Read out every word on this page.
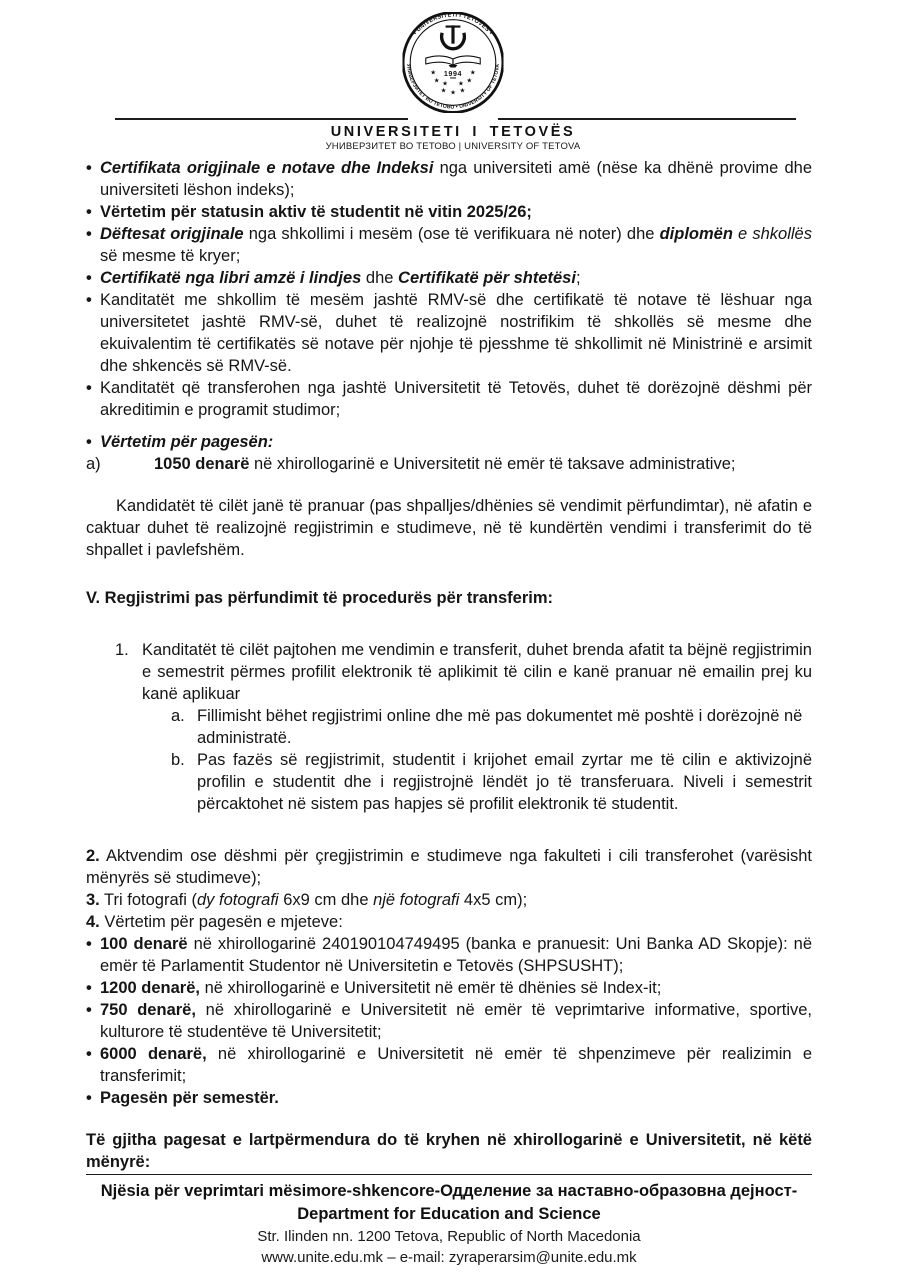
• UNIVERSITETI I TETOVËS •
УНИВЕРЗИТЕТ ВО ТЕТОВО • UNIVERSITY OF TETOVA
1994
★	★
★ ★ ★ ★
★ ★ ★
UNIVERSITETI I TETOVËS
УНИВЕРЗИТЕТ ВО ТЕТОВО | UNIVERSITY OF TETOVA
• Certifikata origjinale e notave dhe Indeksi nga universiteti amë (nëse ka dhënë provime dhe universiteti lëshon indeks);
• Vërtetim për statusin aktiv të studentit në vitin 2025/26;
• Dëftesat origjinale nga shkollimi i mesëm (ose të verifikuara në noter) dhe diplomën e shkollës së mesme të kryer;
• Certifikatë nga libri amzë i lindjes dhe Certifikatë për shtetësi;
• Kanditatët me shkollim të mesëm jashtë RMV-së dhe certifikatë të notave të lëshuar nga universitetet jashtë RMV-së, duhet të realizojnë nostrifikim të shkollës së mesme dhe ekuivalentim të certifikatës së notave për njohje të pjesshme të shkollimit në Ministrinë e arsimit dhe shkencës së RMV-së.
• Kanditatët që transferohen nga jashtë Universitetit të Tetovës, duhet të dorëzojnë dëshmi për akreditimin e programit studimor;
• Vërtetim për pagesën:
a)	1050 denarë në xhirollogarinë e Universitetit në emër të taksave administrative;
Kandidatët të cilët janë të pranuar (pas shpalljes/dhënies së vendimit përfundimtar), në afatin e caktuar duhet të realizojnë regjistrimin e studimeve, në të kundërtën vendimi i transferimit do të shpallet i pavlefshëm.
V. Regjistrimi pas përfundimit të procedurës për transferim:
1. Kanditatët të cilët pajtohen me vendimin e transferit, duhet brenda afatit ta bëjnë regjistrimin e semestrit përmes profilit elektronik të aplikimit të cilin e kanë pranuar në emailin prej ku kanë aplikuar
a. Fillimisht bëhet regjistrimi online dhe më pas dokumentet më poshtë i dorëzojnë në administratë.
b. Pas fazës së regjistrimit, studentit i krijohet email zyrtar me të cilin e aktivizojnë profilin e studentit dhe i regjistrojnë lëndët jo të transferuara. Niveli i semestrit përcaktohet në sistem pas hapjes së profilit elektronik të studentit.
2. Aktvendim ose dëshmi për çregjistrimin e studimeve nga fakulteti i cili transferohet (varësisht mënyrës së studimeve);
3. Tri fotografi (dy fotografi 6x9 cm dhe një fotografi 4x5 cm);
4. Vërtetim për pagesën e mjeteve:
• 100 denarë në xhirollogarinë 240190104749495 (banka e pranuesit: Uni Banka AD Skopje): në emër të Parlamentit Studentor në Universitetin e Tetovës (SHPSUSHT);
• 1200 denarë, në xhirollogarinë e Universitetit në emër të dhënies së Index-it;
• 750 denarë, në xhirollogarinë e Universitetit në emër të veprimtarive informative, sportive, kulturore të studentëve të Universitetit;
• 6000 denarë, në xhirollogarinë e Universitetit në emër të shpenzimeve për realizimin e transferimit;
• Pagesën për semestër.
Të gjitha pagesat e lartpërmendura do të kryhen në xhirollogarinë e Universitetit, në këtë mënyrë:
Njësia për veprimtari mësimore-shkencore-Одделение за наставно-образовна дејност-Department for Education and Science
Str. Ilinden nn. 1200 Tetova, Republic of North Macedonia
www.unite.edu.mk – e-mail: zyraperarsim@unite.edu.mk
